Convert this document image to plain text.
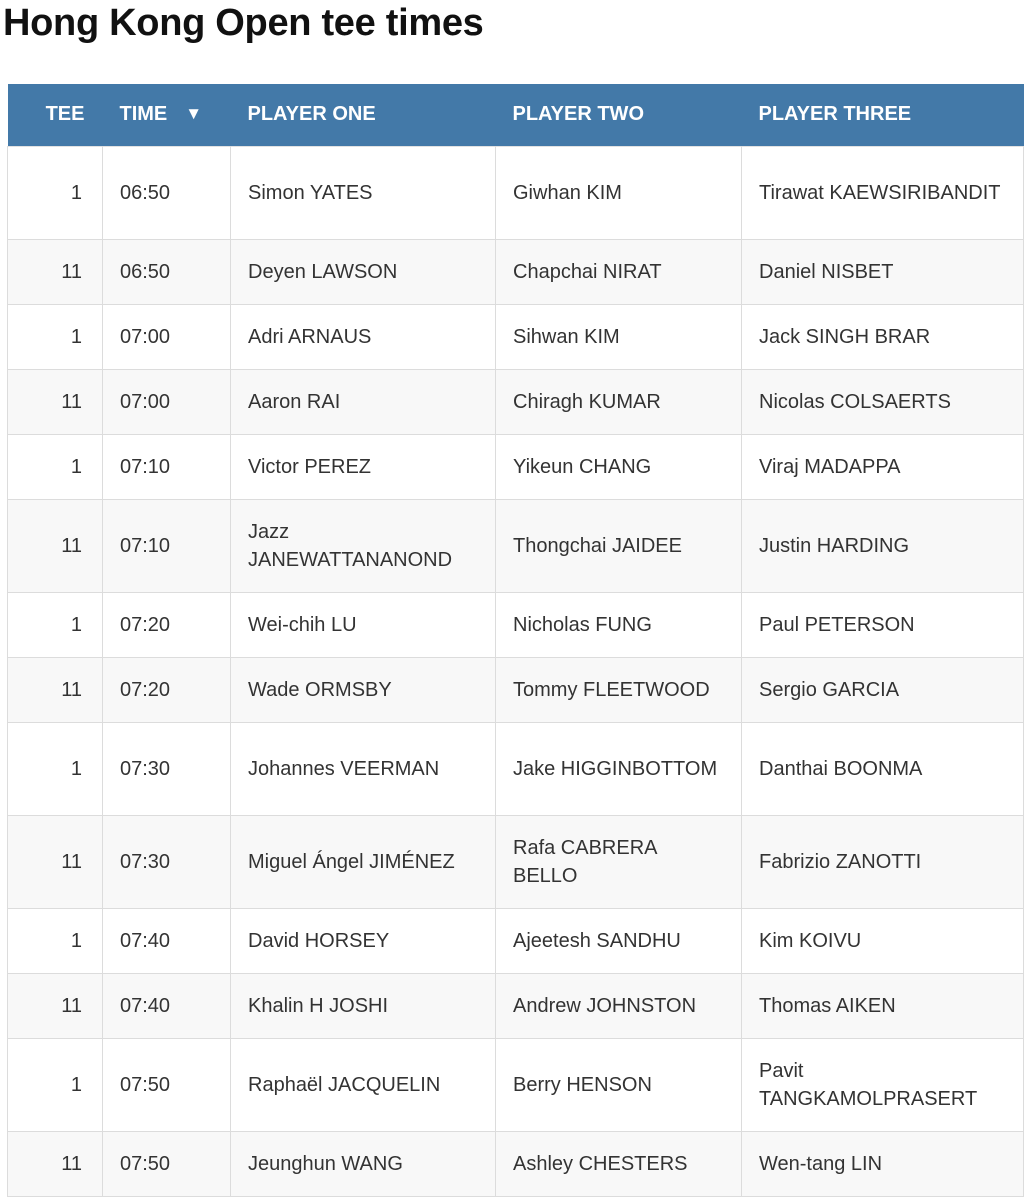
Hong Kong Open tee times
TEE	TIME ▼	PLAYER ONE	PLAYER TWO	PLAYER THREE
1	06:50	Simon YATES	Giwhan KIM	Tirawat KAEWSIRIBANDIT
11	06:50	Deyen LAWSON	Chapchai NIRAT	Daniel NISBET
1	07:00	Adri ARNAUS	Sihwan KIM	Jack SINGH BRAR
11	07:00	Aaron RAI	Chiragh KUMAR	Nicolas COLSAERTS
1	07:10	Victor PEREZ	Yikeun CHANG	Viraj MADAPPA
11	07:10	Jazz JANEWATTANANOND	Thongchai JAIDEE	Justin HARDING
1	07:20	Wei-chih LU	Nicholas FUNG	Paul PETERSON
11	07:20	Wade ORMSBY	Tommy FLEETWOOD	Sergio GARCIA
1	07:30	Johannes VEERMAN	Jake HIGGINBOTTOM	Danthai BOONMA
11	07:30	Miguel Ángel JIMÉNEZ	Rafa CABRERA BELLO	Fabrizio ZANOTTI
1	07:40	David HORSEY	Ajeetesh SANDHU	Kim KOIVU
11	07:40	Khalin H JOSHI	Andrew JOHNSTON	Thomas AIKEN
1	07:50	Raphaël JACQUELIN	Berry HENSON	Pavit TANGKAMOLPRASERT
11	07:50	Jeunghun WANG	Ashley CHESTERS	Wen-tang LIN
